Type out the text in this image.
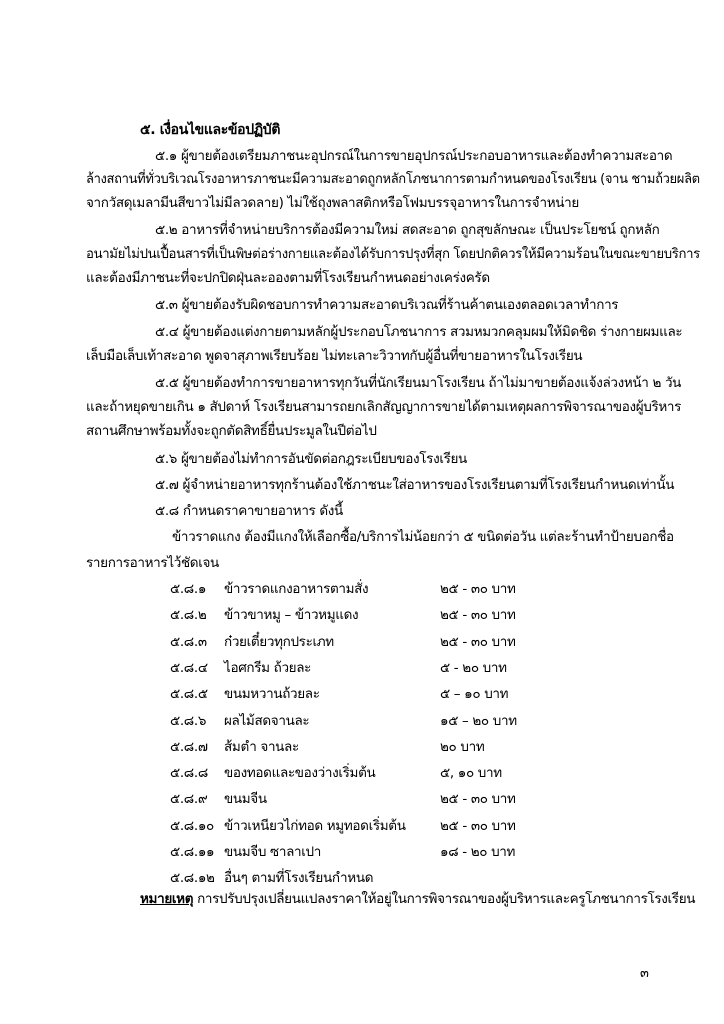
๕. เงื่อนไขและข้อปฏิบัติ
๕.๑ ผู้ขายต้องเตรียมภาชนะอุปกรณ์ในการขายอุปกรณ์ประกอบอาหารและต้องทำความสะอาด
ล้างสถานที่ทั่วบริเวณโรงอาหารภาชนะมีความสะอาดถูกหลักโภชนาการตามกำหนดของโรงเรียน (จาน ชามถ้วยผลิต
จากวัสดุเมลามีนสีขาวไม่มีลวดลาย) ไม่ใช้ถุงพลาสติกหรือโฟมบรรจุอาหารในการจำหน่าย
๕.๒ อาหารที่จำหน่ายบริการต้องมีความใหม่ สดสะอาด ถูกสุขลักษณะ เป็นประโยชน์ ถูกหลัก
อนามัยไม่ปนเปื้อนสารที่เป็นพิษต่อร่างกายและต้องได้รับการปรุงที่สุก โดยปกติควรให้มีความร้อนในขณะขายบริการ
และต้องมีภาชนะที่จะปกปิดฝุ่นละอองตามที่โรงเรียนกำหนดอย่างเคร่งครัด
๕.๓ ผู้ขายต้องรับผิดชอบการทำความสะอาดบริเวณที่ร้านค้าตนเองตลอดเวลาทำการ
๕.๔ ผู้ขายต้องแต่งกายตามหลักผู้ประกอบโภชนาการ สวมหมวกคลุมผมให้มิดชิด ร่างกายผมและ
เล็บมือเล็บเท้าสะอาด พูดจาสุภาพเรียบร้อย ไม่ทะเลาะวิวาทกับผู้อื่นที่ขายอาหารในโรงเรียน
๕.๕ ผู้ขายต้องทำการขายอาหารทุกวันที่นักเรียนมาโรงเรียน ถ้าไม่มาขายต้องแจ้งล่วงหน้า ๒ วัน
และถ้าหยุดขายเกิน ๑ สัปดาห์ โรงเรียนสามารถยกเลิกสัญญาการขายได้ตามเหตุผลการพิจารณาของผู้บริหาร
สถานศึกษาพร้อมทั้งจะถูกตัดสิทธิ์ยื่นประมูลในปีต่อไป
๕.๖ ผู้ขายต้องไม่ทำการอันขัดต่อกฎระเบียบของโรงเรียน
๕.๗ ผู้จำหน่ายอาหารทุกร้านต้องใช้ภาชนะใส่อาหารของโรงเรียนตามที่โรงเรียนกำหนดเท่านั้น
๕.๘ กำหนดราคาขายอาหาร ดังนี้
ข้าวราดแกง ต้องมีแกงให้เลือกซื้อ/บริการไม่น้อยกว่า ๕ ขนิดต่อวัน แต่ละร้านทำป้ายบอกชื่อ
รายการอาหารไว้ชัดเจน
๕.๘.๑ ข้าวราดแกงอาหารตามสั่ง	๒๕ - ๓๐ บาท
๕.๘.๒ ข้าวขาหมู – ข้าวหมูแดง	๒๕ - ๓๐ บาท
๕.๘.๓ ก๋วยเตี๋ยวทุกประเภท	๒๕ - ๓๐ บาท
๕.๘.๔ ไอศกรีม ถ้วยละ	๕ - ๒๐ บาท
๕.๘.๕ ขนมหวานถ้วยละ	๕ – ๑๐ บาท
๕.๘.๖ ผลไม้สดจานละ	๑๕ – ๒๐ บาท
๕.๘.๗ ส้มตำ จานละ	๒๐ บาท
๕.๘.๘ ของทอดและของว่างเริ่มต้น	๕, ๑๐ บาท
๕.๘.๙ ขนมจีน	๒๕ - ๓๐ บาท
๕.๘.๑๐ ข้าวเหนียวไก่ทอด หมูทอดเริ่มต้น	๒๕ - ๓๐ บาท
๕.๘.๑๑ ขนมจีบ ซาลาเปา	๑๘ - ๒๐ บาท
๕.๘.๑๒ อื่นๆ ตามที่โรงเรียนกำหนด
หมายเหตุ การปรับปรุงเปลี่ยนแปลงราคาให้อยู่ในการพิจารณาของผู้บริหารและครูโภชนาการโรงเรียน
๓
